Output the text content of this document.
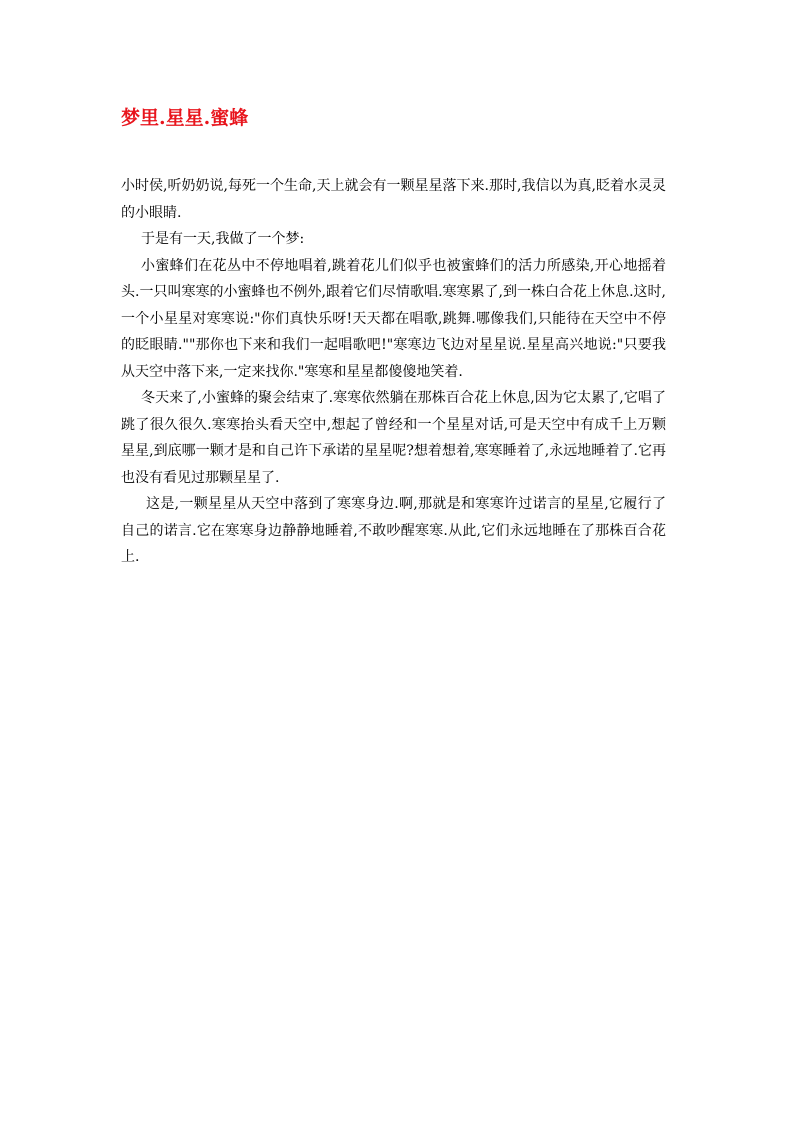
梦里.星星.蜜蜂

小时侯,听奶奶说,每死一个生命,天上就会有一颗星星落下来.那时,我信以为真,眨着水灵灵的小眼睛.

于是有一天,我做了一个梦:

小蜜蜂们在花丛中不停地唱着,跳着花儿们似乎也被蜜蜂们的活力所感染,开心地摇着头.一只叫寒寒的小蜜蜂也不例外,跟着它们尽情歌唱.寒寒累了,到一株白合花上休息.这时,一个小星星对寒寒说:"你们真快乐呀!天天都在唱歌,跳舞.哪像我们,只能待在天空中不停的眨眼睛.""那你也下来和我们一起唱歌吧!"寒寒边飞边对星星说.星星高兴地说:"只要我从天空中落下来,一定来找你."寒寒和星星都傻傻地笑着.

冬天来了,小蜜蜂的聚会结束了.寒寒依然躺在那株百合花上休息,因为它太累了,它唱了跳了很久很久.寒寒抬头看天空中,想起了曾经和一个星星对话,可是天空中有成千上万颗星星,到底哪一颗才是和自己许下承诺的星星呢?想着想着,寒寒睡着了,永远地睡着了.它再也没有看见过那颗星星了.

这是,一颗星星从天空中落到了寒寒身边.啊,那就是和寒寒许过诺言的星星,它履行了自己的诺言.它在寒寒身边静静地睡着,不敢吵醒寒寒.从此,它们永远地睡在了那株百合花上.
